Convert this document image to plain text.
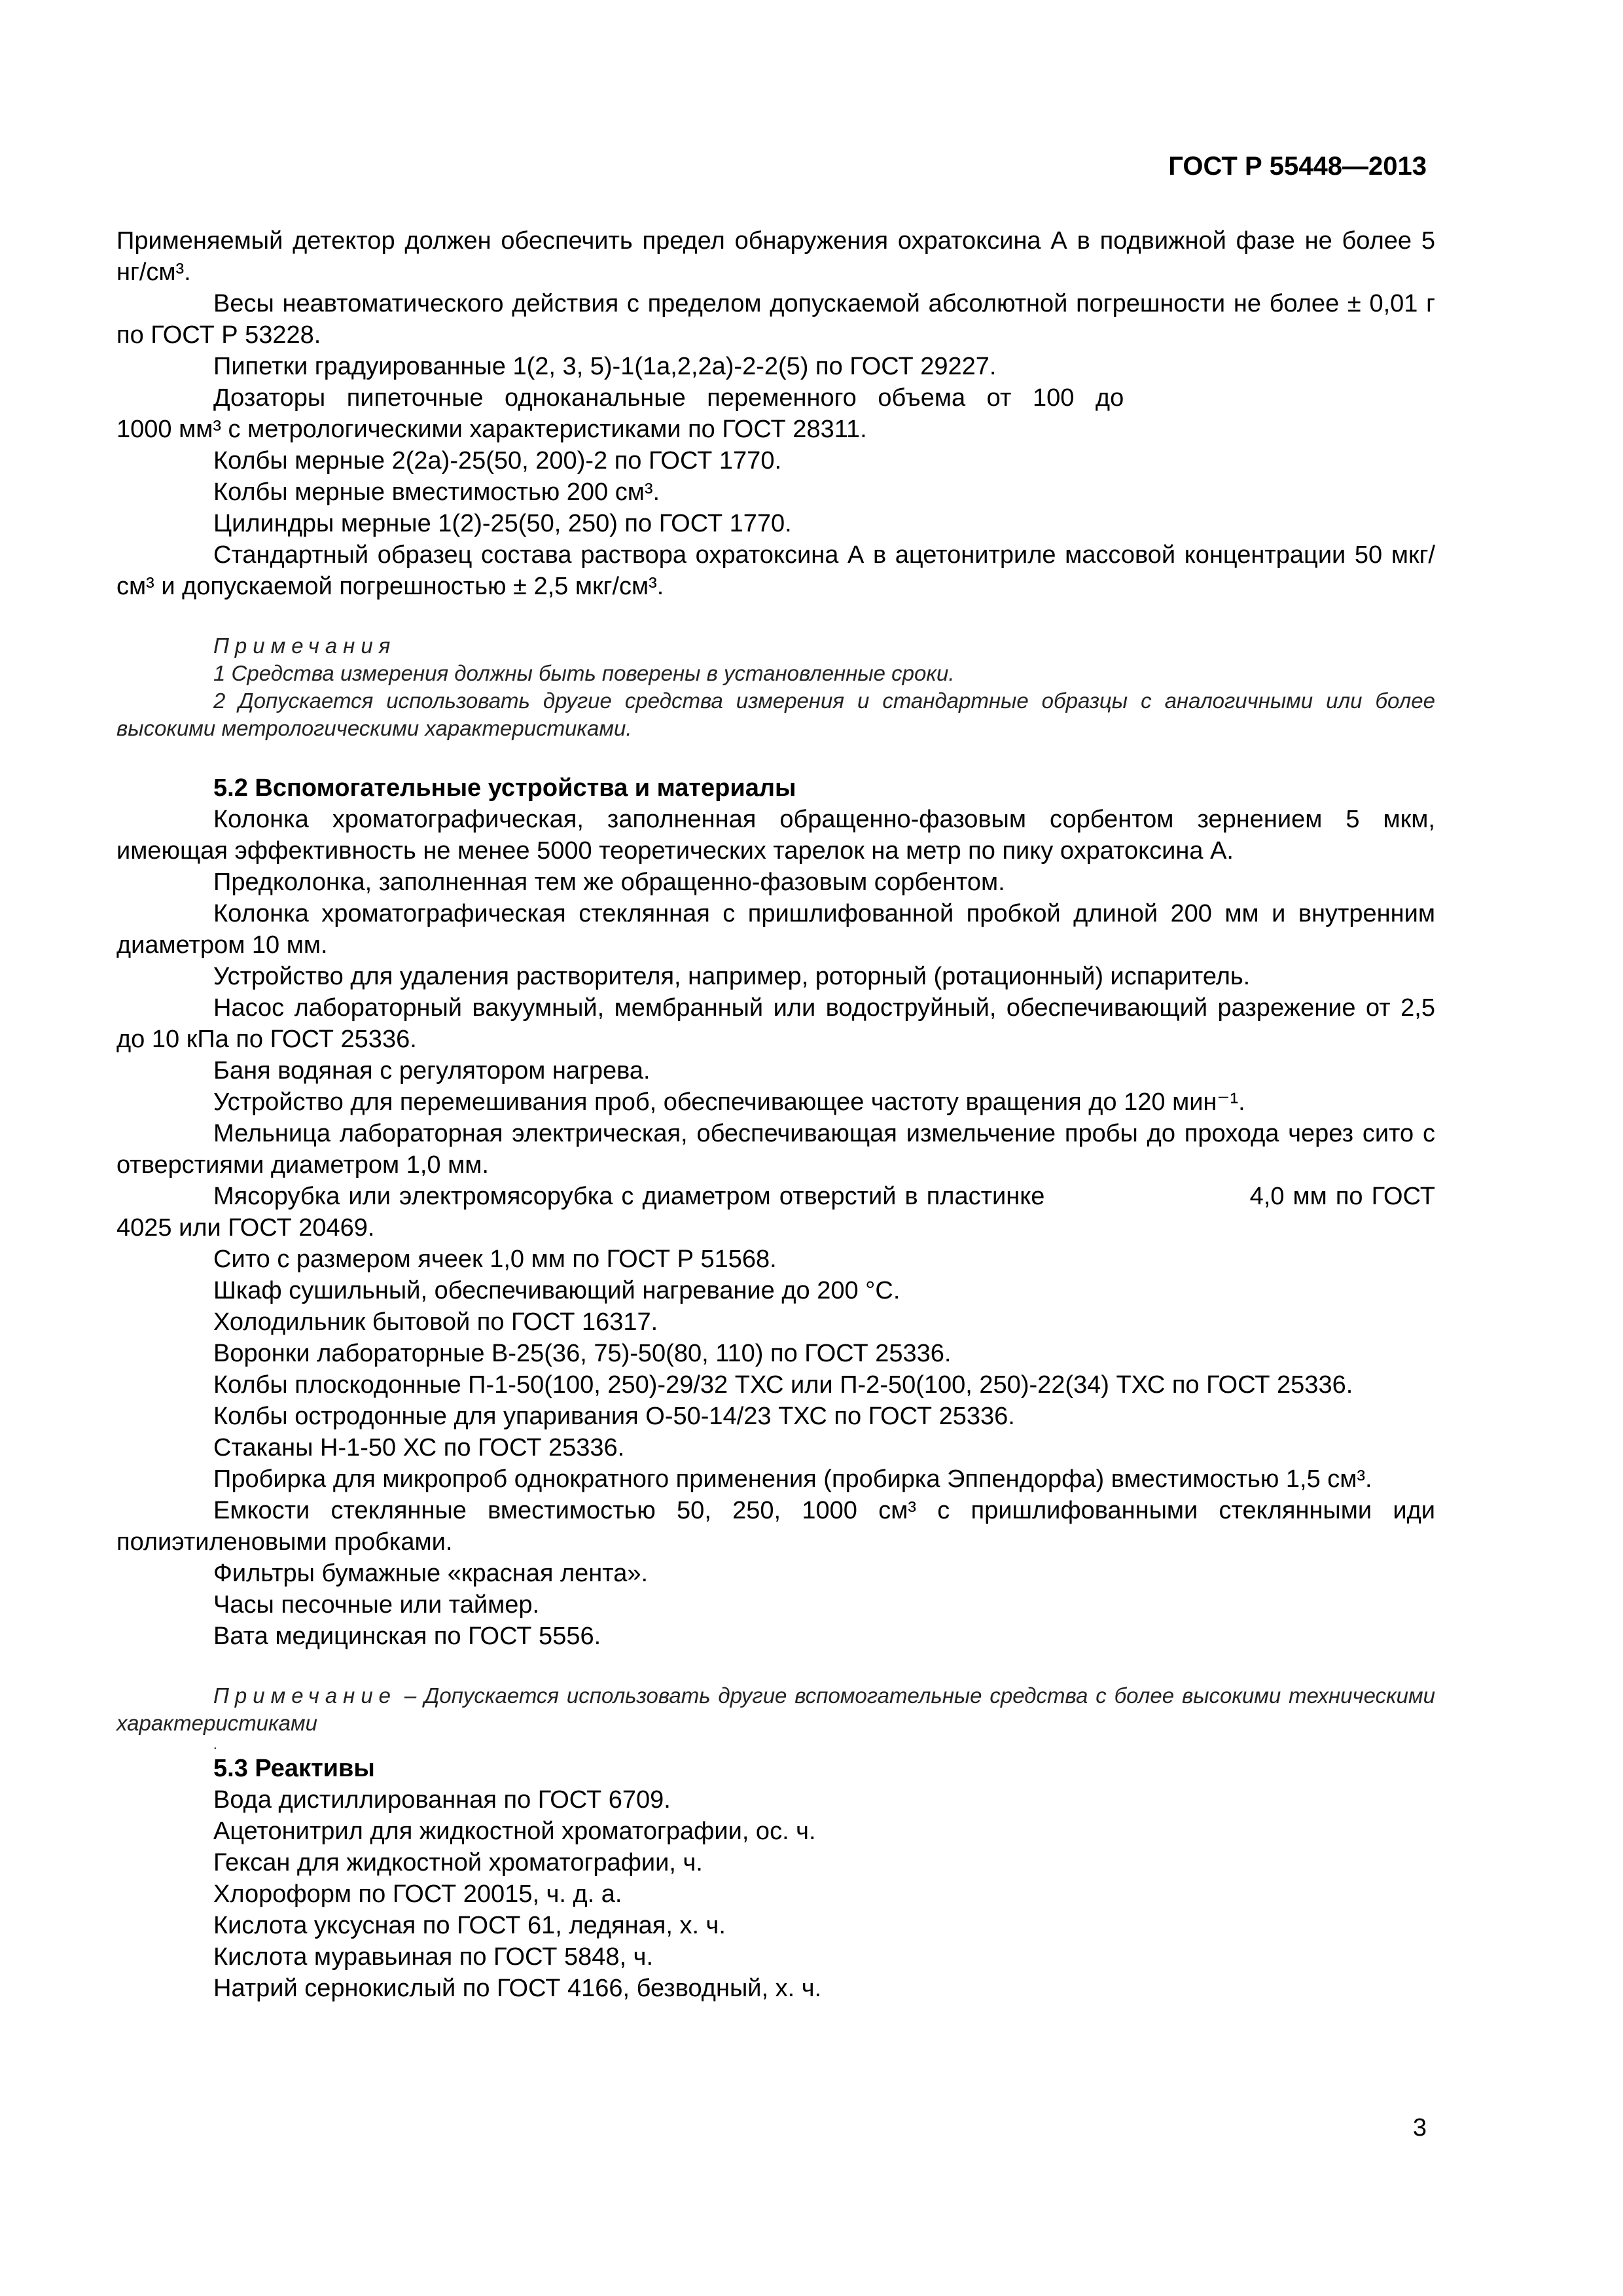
ГОСТ Р 55448—2013

Применяемый детектор должен обеспечить предел обнаружения охратоксина А в подвижной фазе не более 5 нг/см³.

Весы неавтоматического действия с пределом допускаемой абсолютной погрешности не более ± 0,01 г по ГОСТ Р 53228.

Пипетки градуированные 1(2, 3, 5)-1(1а,2,2а)-2-2(5) по ГОСТ 29227.

Дозаторы пипеточные одноканальные переменного объема от 100 до

1000 мм³ с метрологическими характеристиками по ГОСТ 28311.

Колбы мерные 2(2а)-25(50, 200)-2 по ГОСТ 1770.

Колбы мерные вместимостью 200 см³.

Цилиндры мерные 1(2)-25(50, 250) по ГОСТ 1770.

Стандартный образец состава раствора охратоксина А в ацетонитриле массовой концентрации 50 мкг/см³ и допускаемой погрешностью ± 2,5 мкг/см³.

Примечания

1 Средства измерения должны быть поверены в установленные сроки.

2 Допускается использовать другие средства измерения и стандартные образцы с аналогичными или более высокими метрологическими характеристиками.

5.2 Вспомогательные устройства и материалы

Колонка хроматографическая, заполненная обращенно-фазовым сорбентом зернением 5 мкм, имеющая эффективность не менее 5000 теоретических тарелок на метр по пику охратоксина А.

Предколонка, заполненная тем же обращенно-фазовым сорбентом.

Колонка хроматографическая стеклянная с пришлифованной пробкой длиной 200 мм и внутренним диаметром 10 мм.

Устройство для удаления растворителя, например, роторный (ротационный) испаритель.

Насос лабораторный вакуумный, мембранный или водоструйный, обеспечивающий разрежение от 2,5 до 10 кПа по ГОСТ 25336.

Баня водяная с регулятором нагрева.

Устройство для перемешивания проб, обеспечивающее частоту вращения до 120 мин⁻¹.

Мельница лабораторная электрическая, обеспечивающая измельчение пробы до прохода через сито с отверстиями диаметром 1,0 мм.

Мясорубка или электромясорубка с диаметром отверстий в пластинке                        4,0 мм по ГОСТ 4025 или ГОСТ 20469.

Сито с размером ячеек 1,0 мм по ГОСТ Р 51568.

Шкаф сушильный, обеспечивающий нагревание до 200 °С.

Холодильник бытовой по ГОСТ 16317.

Воронки лабораторные В-25(36, 75)-50(80, 110) по ГОСТ 25336.

Колбы плоскодонные П-1-50(100, 250)-29/32 ТХС или П-2-50(100, 250)-22(34) ТХС по ГОСТ 25336.

Колбы остродонные для упаривания О-50-14/23 ТХС по ГОСТ 25336.

Стаканы Н-1-50 ХС по ГОСТ 25336.

Пробирка для микропроб однократного применения (пробирка Эппендорфа) вместимостью 1,5 см³.

Емкости стеклянные вместимостью 50, 250, 1000 см³ с пришлифованными стеклянными иди полиэтиленовыми пробками.

Фильтры бумажные «красная лента».

Часы песочные или таймер.

Вата медицинская по ГОСТ 5556.

Примечание – Допускается использовать другие вспомогательные средства с более высокими техническими характеристиками

.

5.3 Реактивы

Вода дистиллированная по ГОСТ 6709.

Ацетонитрил для жидкостной хроматографии, ос. ч.

Гексан для жидкостной хроматографии, ч.

Хлороформ по ГОСТ 20015, ч. д. а.

Кислота уксусная по ГОСТ 61, ледяная, х. ч.

Кислота муравьиная по ГОСТ 5848, ч.

Натрий сернокислый по ГОСТ 4166, безводный, х. ч.

3
